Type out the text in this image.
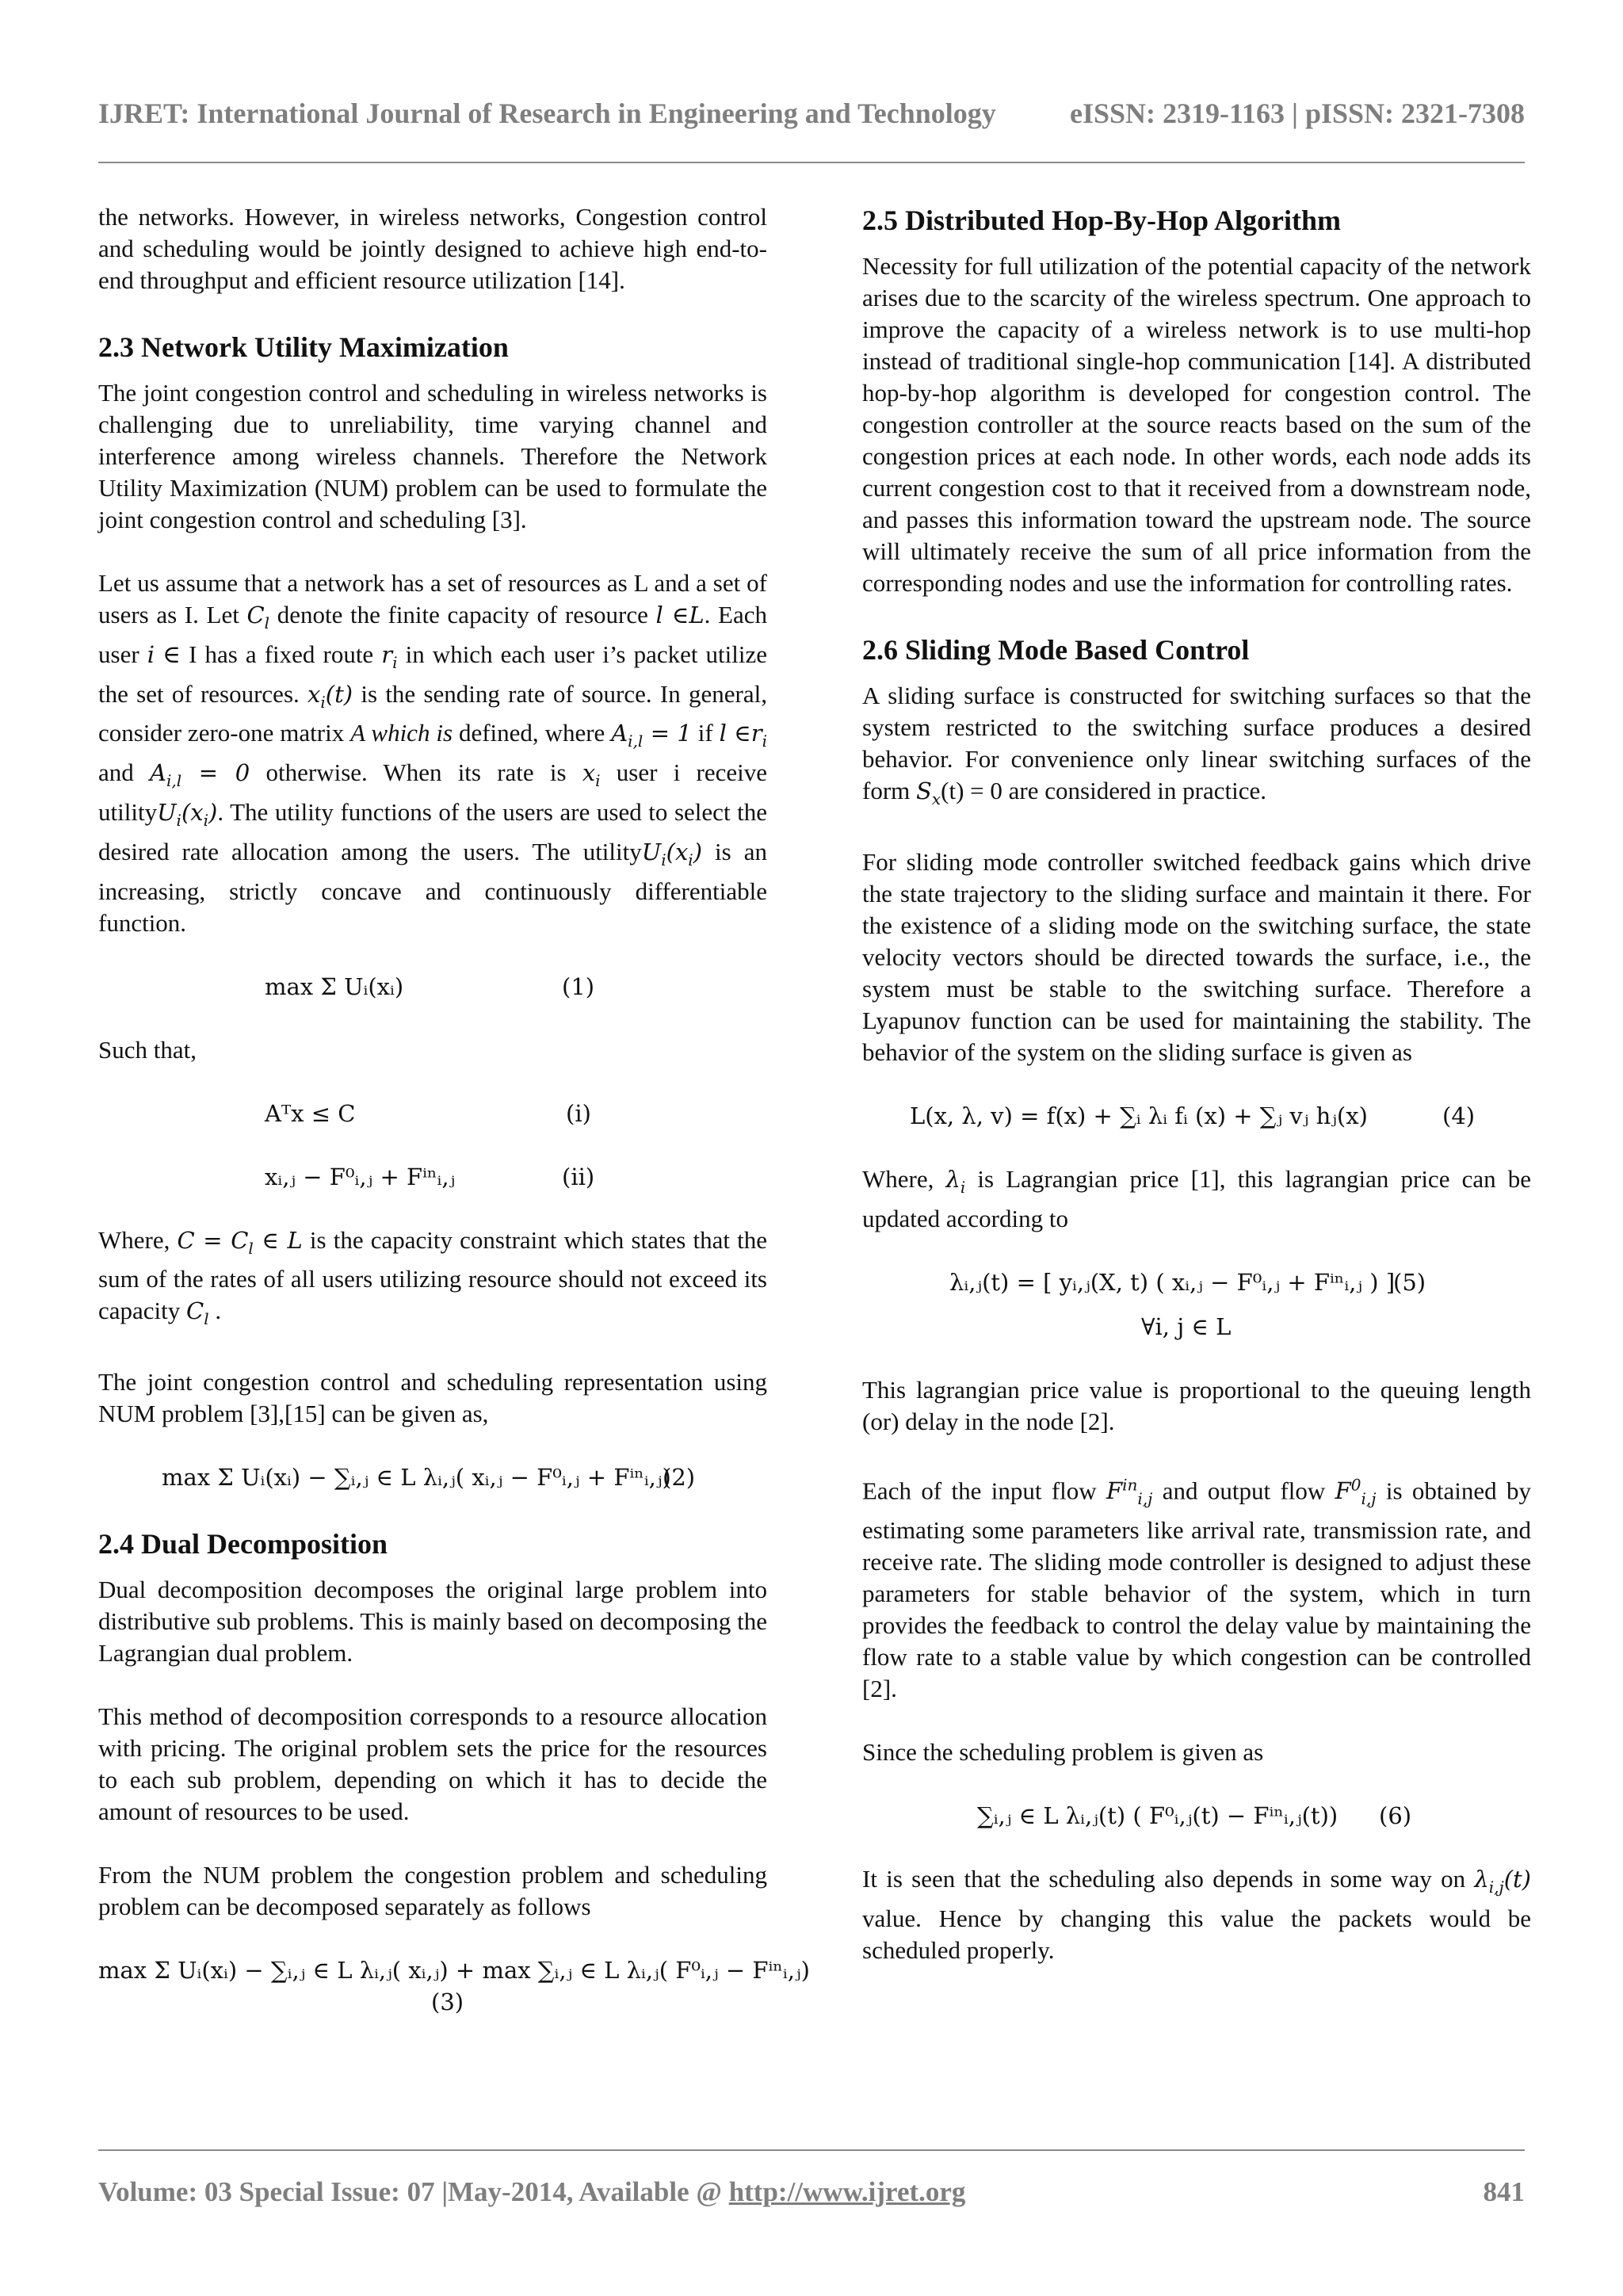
IJRET: International Journal of Research in Engineering and Technology	eISSN: 2319-1163 | pISSN: 2321-7308

the networks. However, in wireless networks, Congestion control and scheduling would be jointly designed to achieve high end-to-end throughput and efficient resource utilization [14].

2.3 Network Utility Maximization

The joint congestion control and scheduling in wireless networks is challenging due to unreliability, time varying channel and interference among wireless channels. Therefore the Network Utility Maximization (NUM) problem can be used to formulate the joint congestion control and scheduling [3].

Let us assume that a network has a set of resources as L and a set of users as I. Let $C_l$ denote the finite capacity of resource l ∈L. Each user i ∈ I has a fixed route $r_i$ in which each user i’s packet utilize the set of resources. $x_i(t)$ is the sending rate of source. In general, consider zero-one matrix A which is defined, where $A_{i,l} = 1$ if l $\in r_i$ and $A_{i,l} = 0$ otherwise. When its rate is $x_i$ user i receive $utilityU_i(x_i)$. The utility functions of the users are used to select the desired rate allocation among the users. The $utilityU_i(x_i)$ is an increasing, strictly concave and continuously differentiable function.

max Σ Uᵢ(xᵢ)	(1)

Such that,

Aᵀx ≤ C	(i)
xᵢ,ⱼ − F⁰ᵢ,ⱼ + Fⁱⁿᵢ,ⱼ	(ii)

Where, $C = C_l$ ∈ L is the capacity constraint which states that the sum of the rates of all users utilizing resource should not exceed its capacity $C_l$ .

The joint congestion control and scheduling representation using NUM problem [3],[15] can be given as,

max Σ Uᵢ(xᵢ) − ∑ᵢ,ⱼ ∈ L λᵢ,ⱼ( xᵢ,ⱼ − F⁰ᵢ,ⱼ + Fⁱⁿᵢ,ⱼ)
(2)
2.4 Dual Decomposition

Dual decomposition decomposes the original large problem into distributive sub problems. This is mainly based on decomposing the Lagrangian dual problem.

This method of decomposition corresponds to a resource allocation with pricing. The original problem sets the price for the resources to each sub problem, depending on which it has to decide the amount of resources to be used.

From the NUM problem the congestion problem and scheduling problem can be decomposed separately as follows

max Σ Uᵢ(xᵢ) − ∑ᵢ,ⱼ ∈ L λᵢ,ⱼ( xᵢ,ⱼ) + max ∑ᵢ,ⱼ ∈ L λᵢ,ⱼ( F⁰ᵢ,ⱼ − Fⁱⁿᵢ,ⱼ)
(3)
2.5 Distributed Hop-By-Hop Algorithm

Necessity for full utilization of the potential capacity of the network arises due to the scarcity of the wireless spectrum. One approach to improve the capacity of a wireless network is to use multi-hop instead of traditional single-hop communication [14]. A distributed hop-by-hop algorithm is developed for congestion control. The congestion controller at the source reacts based on the sum of the congestion prices at each node. In other words, each node adds its current congestion cost to that it received from a downstream node, and passes this information toward the upstream node. The source will ultimately receive the sum of all price information from the corresponding nodes and use the information for controlling rates.

2.6 Sliding Mode Based Control

A sliding surface is constructed for switching surfaces so that the system restricted to the switching surface produces a desired behavior. For convenience only linear switching surfaces of the form $S_x(t) = 0$ are considered in practice.

For sliding mode controller switched feedback gains which drive the state trajectory to the sliding surface and maintain it there. For the existence of a sliding mode on the switching surface, the state velocity vectors should be directed towards the surface, i.e., the system must be stable to the switching surface. Therefore a Lyapunov function can be used for maintaining the stability. The behavior of the system on the sliding surface is given as

L(x, λ, v) = f(x) + ∑ᵢ λᵢ fᵢ (x) + ∑ⱼ vⱼ hⱼ(x)	(4)

Where, $\lambda_i$ is Lagrangian price [1], this lagrangian price can be updated according to

λᵢ,ⱼ(t) = [ yᵢ,ⱼ(X, t) ( xᵢ,ⱼ − F⁰ᵢ,ⱼ + Fⁱⁿᵢ,ⱼ ) ]
(5)
∀i, j ∈ L

This lagrangian price value is proportional to the queuing length (or) delay in the node [2].

Each of the input flow $F^{in}_{i,j}$ and output flow $F^0_{i,j}$ is obtained by estimating some parameters like arrival rate, transmission rate, and receive rate. The sliding mode controller is designed to adjust these parameters for stable behavior of the system, which in turn provides the feedback to control the delay value by maintaining the flow rate to a stable value by which congestion can be controlled [2].

Since the scheduling problem is given as

∑ᵢ,ⱼ ∈ L λᵢ,ⱼ(t) ( F⁰ᵢ,ⱼ(t) − Fⁱⁿᵢ,ⱼ(t)) (6)

It is seen that the scheduling also depends in some way on $\lambda_{i,j}(t)$ value. Hence by changing this value the packets would be scheduled properly.

Volume: 03 Special Issue: 07 |May-2014, Available @ http://www.ijret.org	841
